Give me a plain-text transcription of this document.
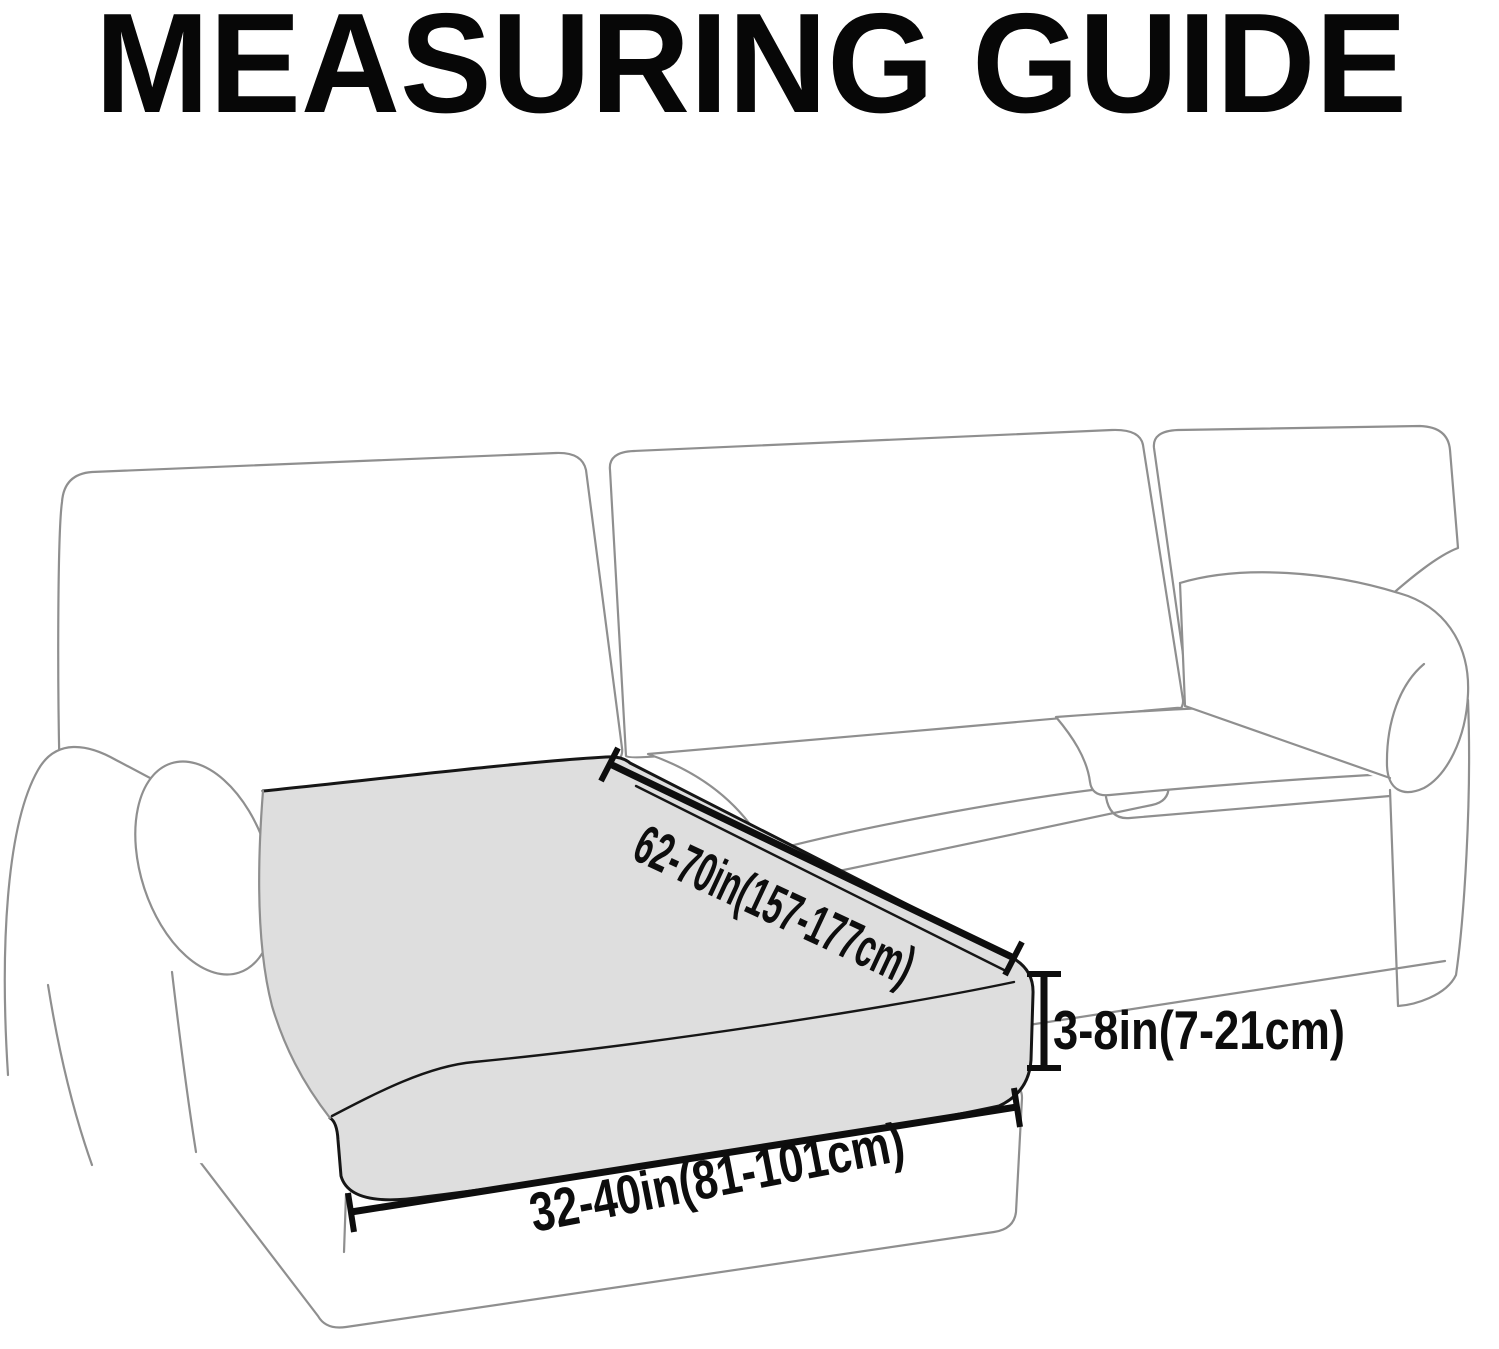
MEASURING GUIDE
62-70in(157-177cm)
3-8in(7-21cm)
32-40in(81-101cm)
